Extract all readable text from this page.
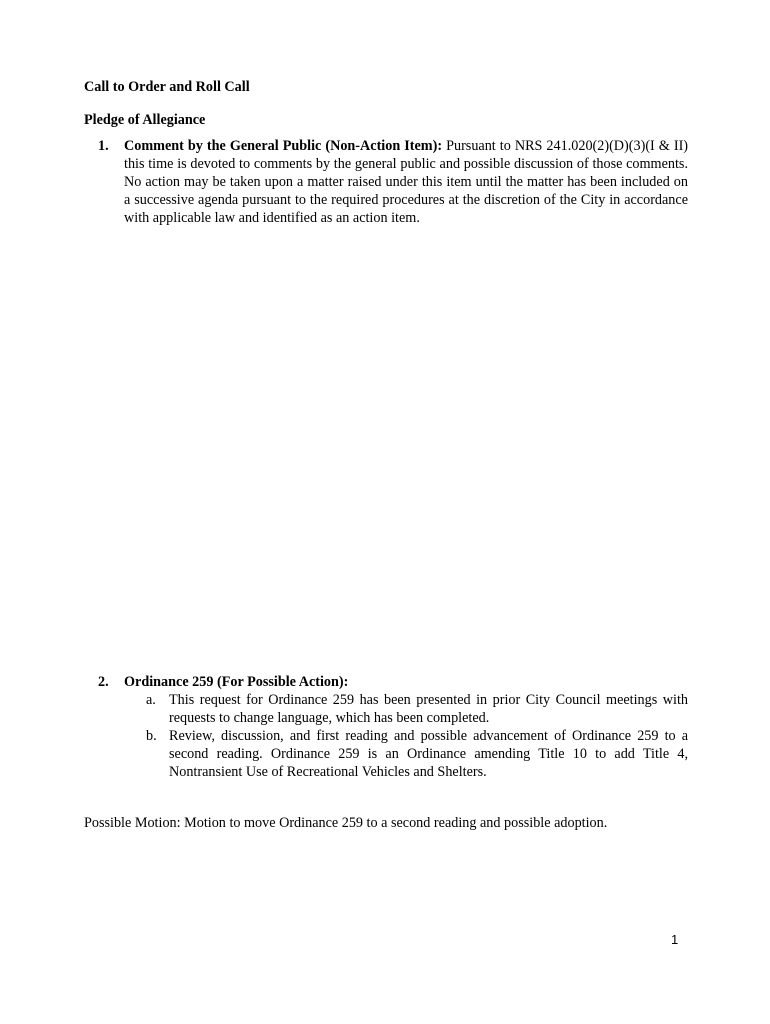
Call to Order and Roll Call

Pledge of Allegiance

1. Comment by the General Public (Non-Action Item): Pursuant to NRS 241.020(2)(D)(3)(I & II) this time is devoted to comments by the general public and possible discussion of those comments. No action may be taken upon a matter raised under this item until the matter has been included on a successive agenda pursuant to the required procedures at the discretion of the City in accordance with applicable law and identified as an action item.
2. Ordinance 259 (For Possible Action):
a. This request for Ordinance 259 has been presented in prior City Council meetings with requests to change language, which has been completed.
b. Review, discussion, and first reading and possible advancement of Ordinance 259 to a second reading. Ordinance 259 is an Ordinance amending Title 10 to add Title 4, Nontransient Use of Recreational Vehicles and Shelters.

Possible Motion: Motion to move Ordinance 259 to a second reading and possible adoption.

1
